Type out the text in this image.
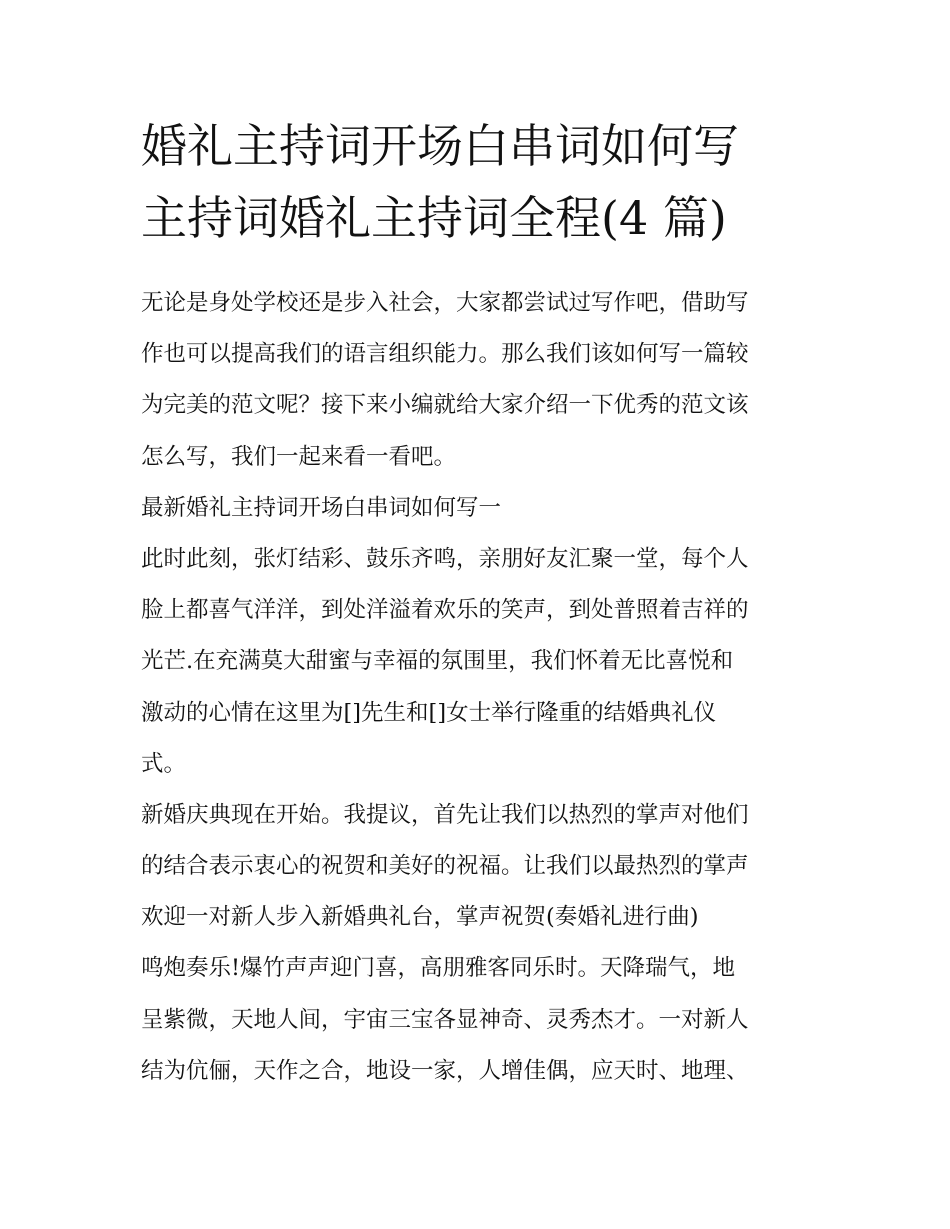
婚礼主持词开场白串词如何写
主持词婚礼主持词全程(4 篇)
无论是身处学校还是步入社会，大家都尝试过写作吧，借助写
作也可以提高我们的语言组织能力。那么我们该如何写一篇较
为完美的范文呢？接下来小编就给大家介绍一下优秀的范文该
怎么写，我们一起来看一看吧。
最新婚礼主持词开场白串词如何写一
此时此刻，张灯结彩、鼓乐齐鸣，亲朋好友汇聚一堂，每个人
脸上都喜气洋洋，到处洋溢着欢乐的笑声，到处普照着吉祥的
光芒.在充满莫大甜蜜与幸福的氛围里，我们怀着无比喜悦和
激动的心情在这里为[]先生和[]女士举行隆重的结婚典礼仪
式。
新婚庆典现在开始。我提议，首先让我们以热烈的掌声对他们
的结合表示衷心的祝贺和美好的祝福。让我们以最热烈的掌声
欢迎一对新人步入新婚典礼台，掌声祝贺(奏婚礼进行曲)
鸣炮奏乐!爆竹声声迎门喜，高朋雅客同乐时。天降瑞气，地
呈紫微，天地人间，宇宙三宝各显神奇、灵秀杰才。一对新人
结为伉俪，天作之合，地设一家，人增佳偶，应天时、地理、
